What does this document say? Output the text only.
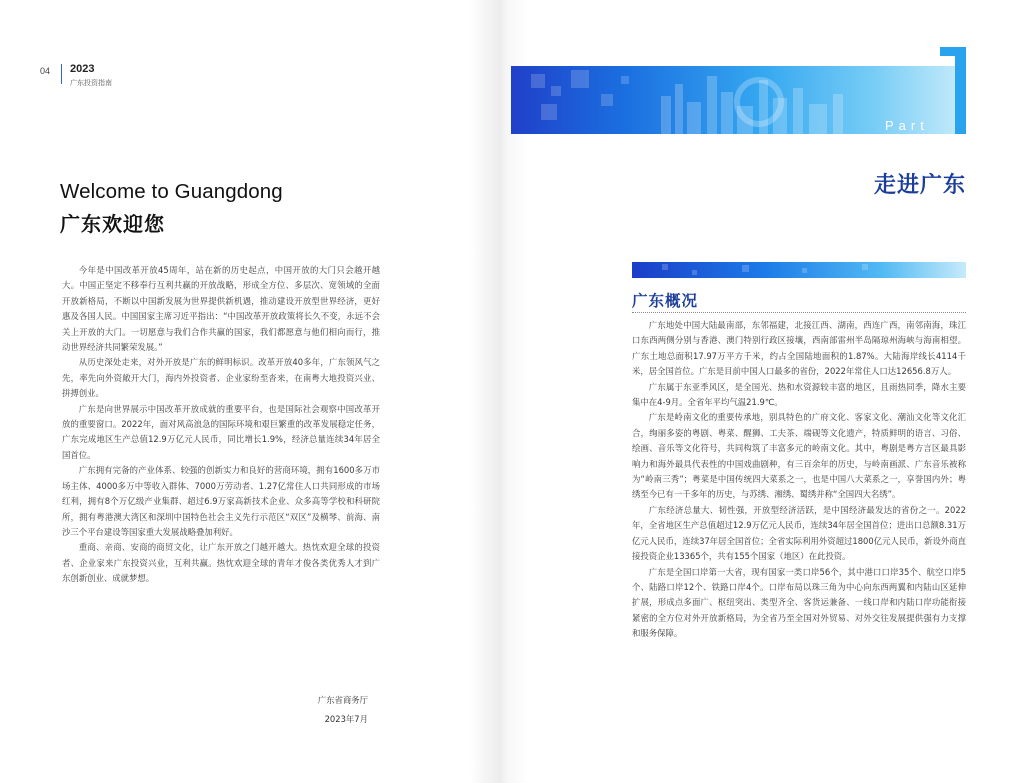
04 2023
广东投资指南
Welcome to Guangdong
广东欢迎您

今年是中国改革开放45周年，站在新的历史起点，中国开放的大门只会越开越大。中国正坚定不移奉行互利共赢的开放战略，形成全方位、多层次、宽领域的全面开放新格局，不断以中国新发展为世界提供新机遇，推动建设开放型世界经济，更好惠及各国人民。中国国家主席习近平指出：“中国改革开放政策将长久不变，永远不会关上开放的大门。一切愿意与我们合作共赢的国家，我们都愿意与他们相向而行，推动世界经济共同繁荣发展。”

从历史深处走来，对外开放是广东的鲜明标识。改革开放40多年，广东领风气之先，率先向外资敞开大门，海内外投资者、企业家纷至沓来，在南粤大地投资兴业、拼搏创业。

广东是向世界展示中国改革开放成就的重要平台，也是国际社会观察中国改革开放的重要窗口。2022年，面对风高浪急的国际环境和艰巨繁重的改革发展稳定任务，广东完成地区生产总值12.9万亿元人民币，同比增长1.9%，经济总量连续34年居全国首位。

广东拥有完备的产业体系、较强的创新实力和良好的营商环境，拥有1600多万市场主体、4000多万中等收入群体、7000万劳动者、1.27亿常住人口共同形成的市场红利，拥有8个万亿级产业集群、超过6.9万家高新技术企业、众多高等学校和科研院所，拥有粤港澳大湾区和深圳中国特色社会主义先行示范区“双区”及横琴、前海、南沙三个平台建设等国家重大发展战略叠加利好。

重商、亲商、安商的商贸文化，让广东开放之门越开越大。热忱欢迎全球的投资者、企业家来广东投资兴业，互利共赢。热忱欢迎全球的青年才俊各类优秀人才到广东创新创业、成就梦想。

广东省商务厅
2023年7月
Part
走进广东
广东概况

广东地处中国大陆最南部，东邻福建，北接江西、湖南，西连广西，南邻南海，珠江口东西两侧分别与香港、澳门特别行政区接壤，西南部雷州半岛隔琼州海峡与海南相望。广东土地总面积17.97万平方千米，约占全国陆地面积的1.87%。大陆海岸线长4114千米，居全国首位。广东是目前中国人口最多的省份，2022年常住人口达12656.8万人。

广东属于东亚季风区，是全国光、热和水资源较丰富的地区，且雨热同季，降水主要集中在4-9月。全省年平均气温21.9℃。

广东是岭南文化的重要传承地，别具特色的广府文化、客家文化、潮汕文化等文化汇合，绚丽多姿的粤剧、粤菜、醒狮、工夫茶、端砚等文化遗产，特质鲜明的语言、习俗、绘画、音乐等文化符号，共同构筑了丰富多元的岭南文化。其中，粤剧是粤方言区最具影响力和海外最具代表性的中国戏曲剧种，有三百余年的历史，与岭南画派、广东音乐被称为“岭南三秀”；粤菜是中国传统四大菜系之一，也是中国八大菜系之一，享誉国内外；粤绣至今已有一千多年的历史，与苏绣、湘绣、蜀绣并称“全国四大名绣”。

广东经济总量大、韧性强，开放型经济活跃，是中国经济最发达的省份之一。2022年，全省地区生产总值超过12.9万亿元人民币，连续34年居全国首位；进出口总额8.31万亿元人民币，连续37年居全国首位；全省实际利用外资超过1800亿元人民币，新设外商直接投资企业13365个，共有155个国家（地区）在此投资。

广东是全国口岸第一大省，现有国家一类口岸56个，其中港口口岸35个、航空口岸5个、陆路口岸12个、铁路口岸4个。口岸布局以珠三角为中心向东西两翼和内陆山区延伸扩展，形成点多面广、枢纽突出、类型齐全、客货运兼备、一线口岸和内陆口岸功能衔接紧密的全方位对外开放新格局，为全省乃至全国对外贸易、对外交往发展提供强有力支撑和服务保障。
